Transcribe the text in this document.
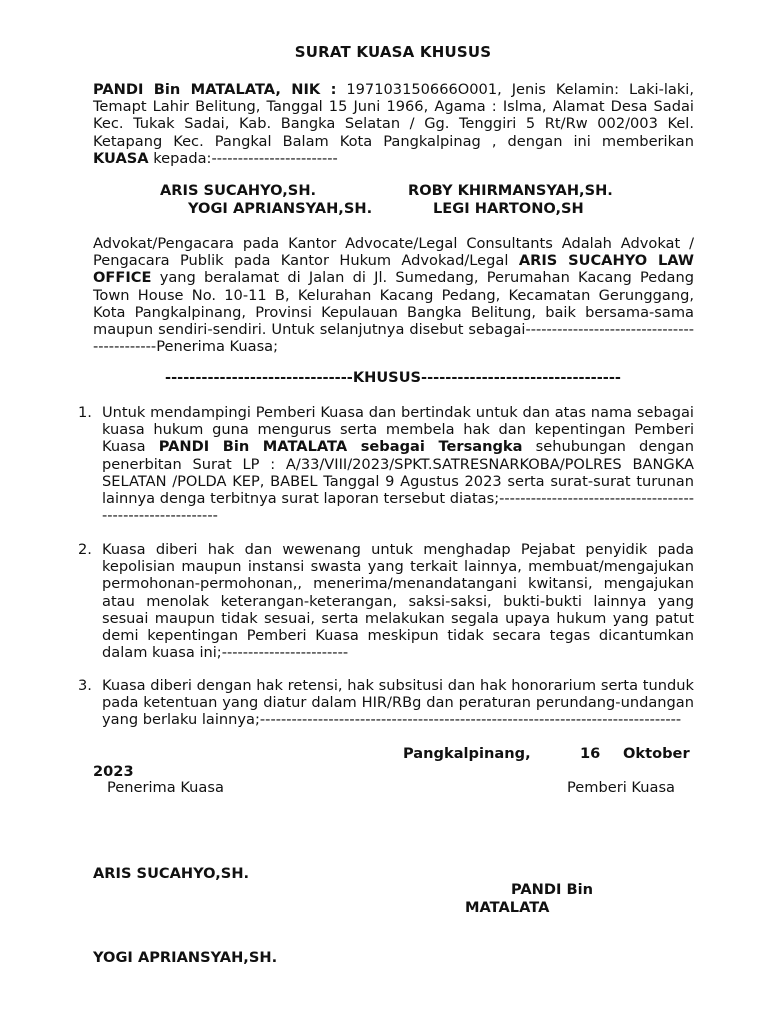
SURAT KUASA KHUSUS

PANDI Bin MATALATA, NIK : 197103150666O001, Jenis Kelamin: Laki-laki, Temapt Lahir Belitung, Tanggal 15 Juni 1966, Agama : Islma, Alamat Desa Sadai Kec. Tukak Sadai, Kab. Bangka Selatan / Gg. Tenggiri 5 Rt/Rw 002/003 Kel. Ketapang Kec. Pangkal Balam Kota Pangkalpinag , dengan ini memberikan KUASA kepada:------------------------

ARIS SUCAHYO,SH.	ROBY KHIRMANSYAH,SH.
YOGI APRIANSYAH,SH.	LEGI HARTONO,SH

Advokat/Pengacara pada Kantor Advocate/Legal Consultants Adalah Advokat / Pengacara Publik pada Kantor Hukum Advokad/Legal ARIS SUCAHYO LAW OFFICE yang beralamat di Jalan di Jl. Sumedang, Perumahan Kacang Pedang Town House No. 10-11 B, Kelurahan Kacang Pedang, Kecamatan Gerunggang, Kota Pangkalpinang, Provinsi Kepulauan Bangka Belitung, baik bersama-sama maupun sendiri-sendiri. Untuk selanjutnya disebut sebagai--------------------------------------------Penerima Kuasa;

-------------------------------KHUSUS---------------------------------
1. Untuk mendampingi Pemberi Kuasa dan bertindak untuk dan atas nama sebagai kuasa hukum guna mengurus serta membela hak dan kepentingan Pemberi Kuasa PANDI Bin MATALATA sebagai Tersangka sehubungan dengan penerbitan Surat LP : A/33/VIII/2023/SPKT.SATRESNARKOBA/POLRES BANGKA SELATAN /POLDA KEP, BABEL Tanggal 9 Agustus 2023 serta surat-surat turunan lainnya denga terbitnya surat laporan tersebut diatas;-----------------------------------------------------------

2. Kuasa diberi hak dan wewenang untuk menghadap Pejabat penyidik pada kepolisian maupun instansi swasta yang terkait lainnya, membuat/mengajukan permohonan-permohonan,, menerima/menandatangani kwitansi, mengajukan atau menolak keterangan-keterangan, saksi-saksi, bukti-bukti lainnya yang sesuai maupun tidak sesuai, serta melakukan segala upaya hukum yang patut demi kepentingan Pemberi Kuasa meskipun tidak secara tegas dicantumkan dalam kuasa ini;------------------------

3. Kuasa diberi dengan hak retensi, hak subsitusi dan hak honorarium serta tunduk pada ketentuan yang diatur dalam HIR/RBg dan peraturan perundang-undangan yang berlaku lainnya;--------------------------------------------------------------------------------

Pangkalpinang,	16 Oktober
2023
Penerima Kuasa	Pemberi Kuasa
ARIS SUCAHYO,SH.
PANDI Bin
MATALATA
YOGI APRIANSYAH,SH.
